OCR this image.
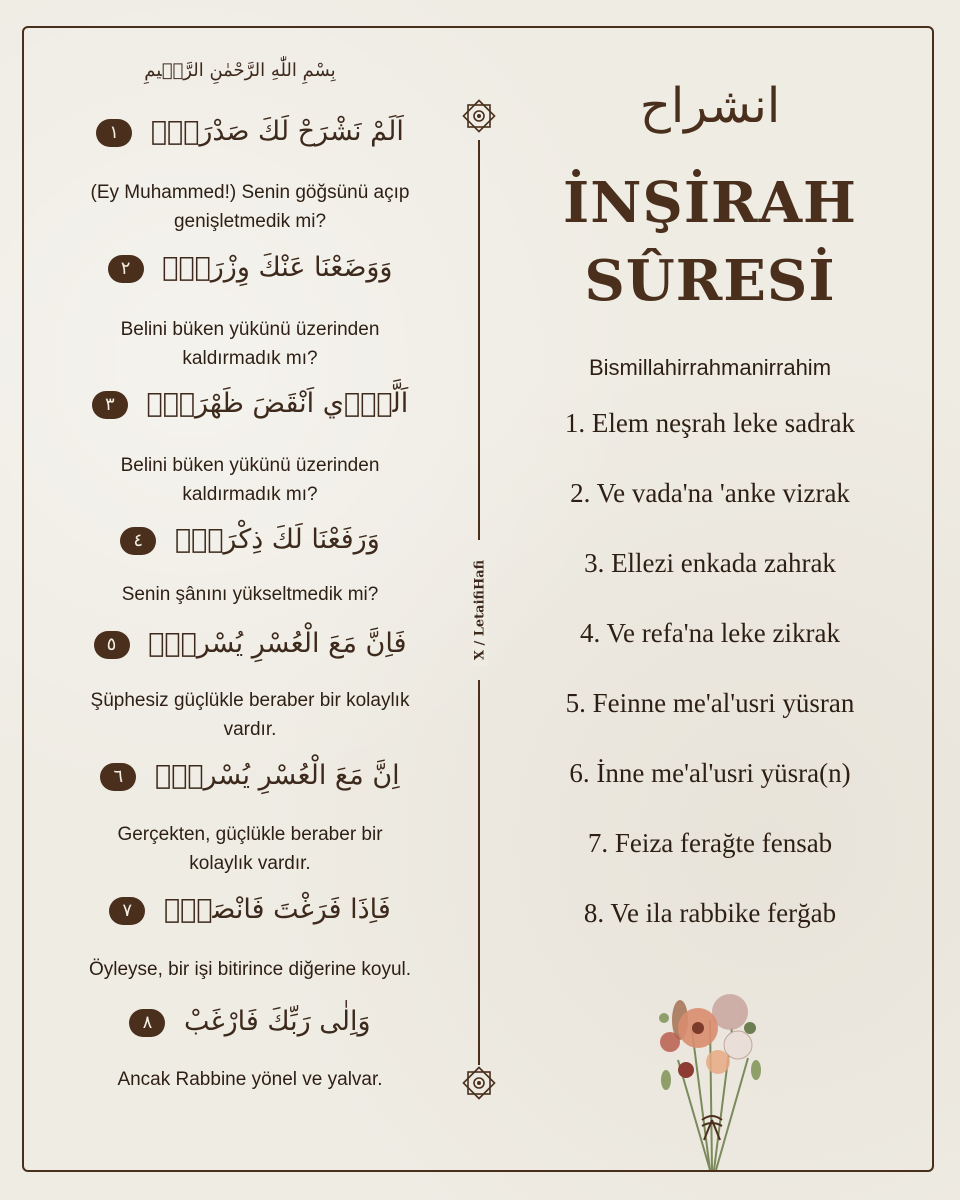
بِسْمِ اللّٰهِ الرَّحْمٰنِ الرَّح۪يمِ
اَلَمْ نَشْرَحْ لَكَ صَدْرَكَۙ ١
(Ey Muhammed!) Senin göğsünü açıp
genişletmedik mi?
وَوَضَعْنَا عَنْكَ وِزْرَكَۙ ٢
Belini büken yükünü üzerinden
kaldırmadık mı?
اَلَّذ۪ٓي اَنْقَضَ ظَهْرَكَۙ ٣
Belini büken yükünü üzerinden
kaldırmadık mı?
وَرَفَعْنَا لَكَ ذِكْرَكَۜ ٤
Senin şânını yükseltmedik mi?
فَاِنَّ مَعَ الْعُسْرِ يُسْراًۙ ٥
Şüphesiz güçlükle beraber bir kolaylık
vardır.
اِنَّ مَعَ الْعُسْرِ يُسْراًۜ ٦
Gerçekten, güçlükle beraber bir
kolaylık vardır.
فَاِذَا فَرَغْتَ فَانْصَبْۙ ٧
Öyleyse, bir işi bitirince diğerine koyul.
وَاِلٰى رَبِّكَ فَارْغَبْ ٨
Ancak Rabbine yönel ve yalvar.
X / LetaifiHafi
انشراح
İNŞİRAH
SÛRESİ
Bismillahirrahmanirrahim
1. Elem neşrah leke sadrak
2. Ve vada'na 'anke vizrak
3. Ellezi enkada zahrak
4. Ve refa'na leke zikrak
5. Feinne me'al'usri yüsran
6. İnne me'al'usri yüsra(n)
7. Feiza ferağte fensab
8. Ve ila rabbike ferğab
